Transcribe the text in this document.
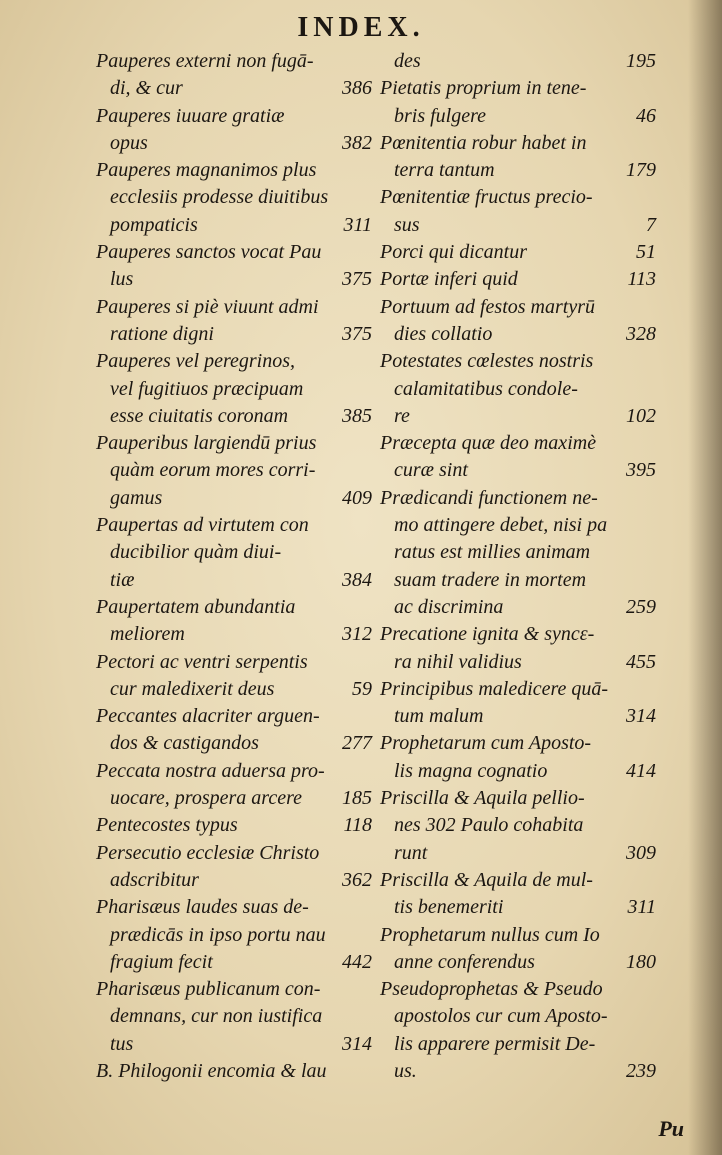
INDEX.
Pauperes externi non fugā-
di, & cur	386
Pauperes iuuare gratiæ
opus	382
Pauperes magnanimos plus
ecclesiis prodesse diuitibus
pompaticis	311
Pauperes sanctos vocat Pau
lus	375
Pauperes si piè viuunt admi
ratione digni	375
Pauperes vel peregrinos,
vel fugitiuos præcipuam
esse ciuitatis coronam	385
Pauperibus largiendū prius
quàm eorum mores corri-
gamus	409
Paupertas ad virtutem con
ducibilior quàm diui-
tiæ	384
Paupertatem abundantia
meliorem	312
Pectori ac ventri serpentis
cur maledixerit deus	59
Peccantes alacriter arguen-
dos & castigandos	277
Peccata nostra aduersa pro-
uocare, prospera arcere 185
Pentecostes typus	118
Persecutio ecclesiæ Christo
adscribitur	362
Pharisæus laudes suas de-
prædicās in ipso portu nau
fragium fecit	442
Pharisæus publicanum con-
demnans, cur non iustifica
tus	314
B. Philogonii encomia & lau
des	195
Pietatis proprium in tene-
bris fulgere	46
Pœnitentia robur habet in
terra tantum	179
Pœnitentiæ fructus precio-
sus	7
Porci qui dicantur	51
Portæ inferi quid	113
Portuum ad festos martyrū
dies collatio	328
Potestates cœlestes nostris
calamitatibus condole-
re	102
Præcepta quæ deo maximè
curæ sint	395
Prædicandi functionem ne-
mo attingere debet, nisi pa
ratus est millies animam
suam tradere in mortem
ac discrimina	259
Precatione ignita & syncε-
ra nihil validius	455
Principibus maledicere quā-
tum malum	314
Prophetarum cum Aposto-
lis magna cognatio	414
Priscilla & Aquila pellio-
nes 302 Paulo cohabita
runt	309
Priscilla & Aquila de mul-
tis benemeriti	311
Prophetarum nullus cum Io
anne conferendus	180
Pseudoprophetas & Pseudo
apostolos cur cum Aposto-
lis apparere permisit De-
us.	239
Pu
